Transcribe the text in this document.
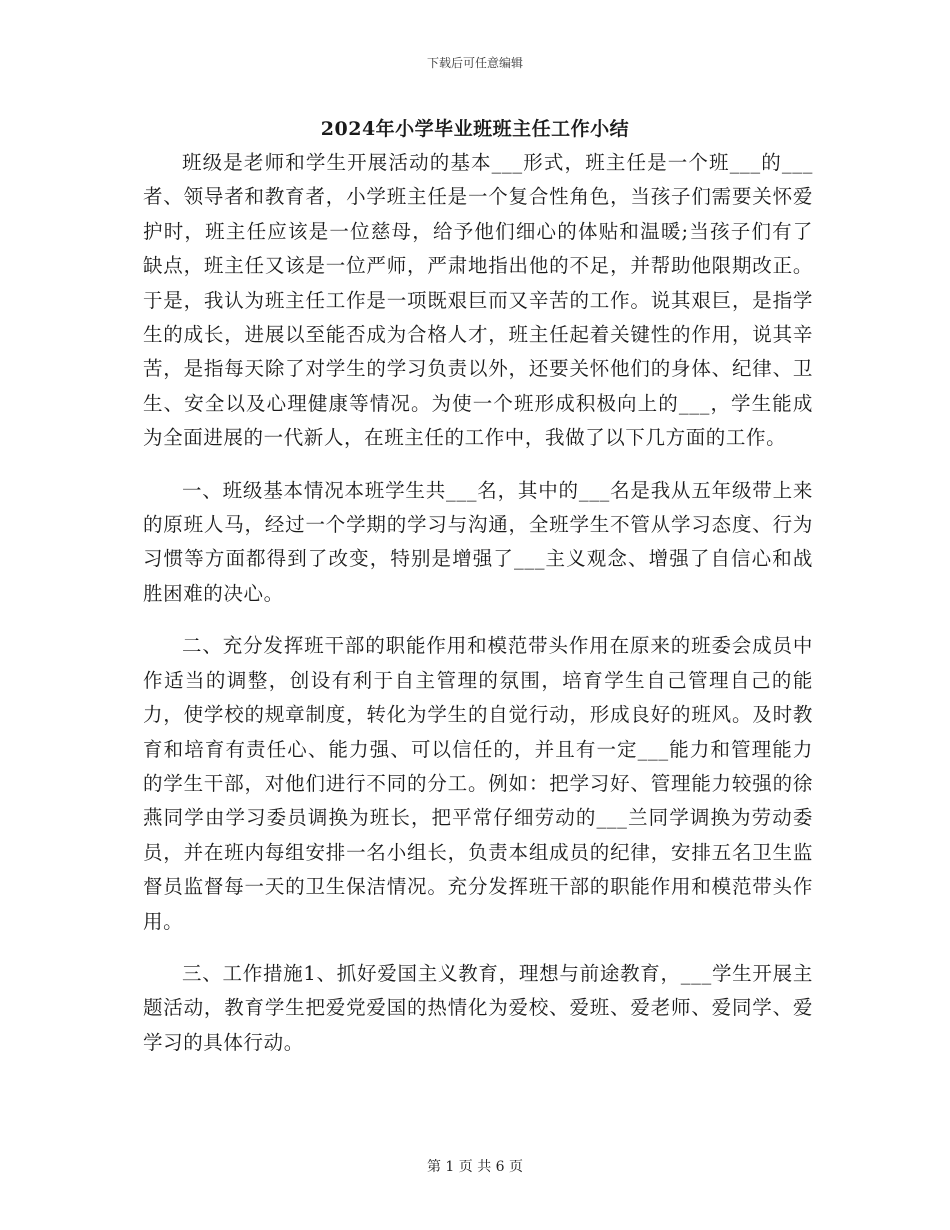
下载后可任意编辑
2024年小学毕业班班主任工作小结

班级是老师和学生开展活动的基本___形式，班主任是一个班___的___者、领导者和教育者，小学班主任是一个复合性角色，当孩子们需要关怀爱护时，班主任应该是一位慈母，给予他们细心的体贴和温暖;当孩子们有了缺点，班主任又该是一位严师，严肃地指出他的不足，并帮助他限期改正。于是，我认为班主任工作是一项既艰巨而又辛苦的工作。说其艰巨，是指学生的成长，进展以至能否成为合格人才，班主任起着关键性的作用，说其辛苦，是指每天除了对学生的学习负责以外，还要关怀他们的身体、纪律、卫生、安全以及心理健康等情况。为使一个班形成积极向上的___，学生能成为全面进展的一代新人，在班主任的工作中，我做了以下几方面的工作。

一、班级基本情况本班学生共___名，其中的___名是我从五年级带上来的原班人马，经过一个学期的学习与沟通，全班学生不管从学习态度、行为习惯等方面都得到了改变，特别是增强了___主义观念、增强了自信心和战胜困难的决心。

二、充分发挥班干部的职能作用和模范带头作用在原来的班委会成员中作适当的调整，创设有利于自主管理的氛围，培育学生自己管理自己的能力，使学校的规章制度，转化为学生的自觉行动，形成良好的班风。及时教育和培育有责任心、能力强、可以信任的，并且有一定___能力和管理能力的学生干部，对他们进行不同的分工。例如：把学习好、管理能力较强的徐燕同学由学习委员调换为班长，把平常仔细劳动的___兰同学调换为劳动委员，并在班内每组安排一名小组长，负责本组成员的纪律，安排五名卫生监督员监督每一天的卫生保洁情况。充分发挥班干部的职能作用和模范带头作用。

三、工作措施1、抓好爱国主义教育，理想与前途教育，___学生开展主题活动，教育学生把爱党爱国的热情化为爱校、爱班、爱老师、爱同学、爱学习的具体行动。

第 1 页 共 6 页
